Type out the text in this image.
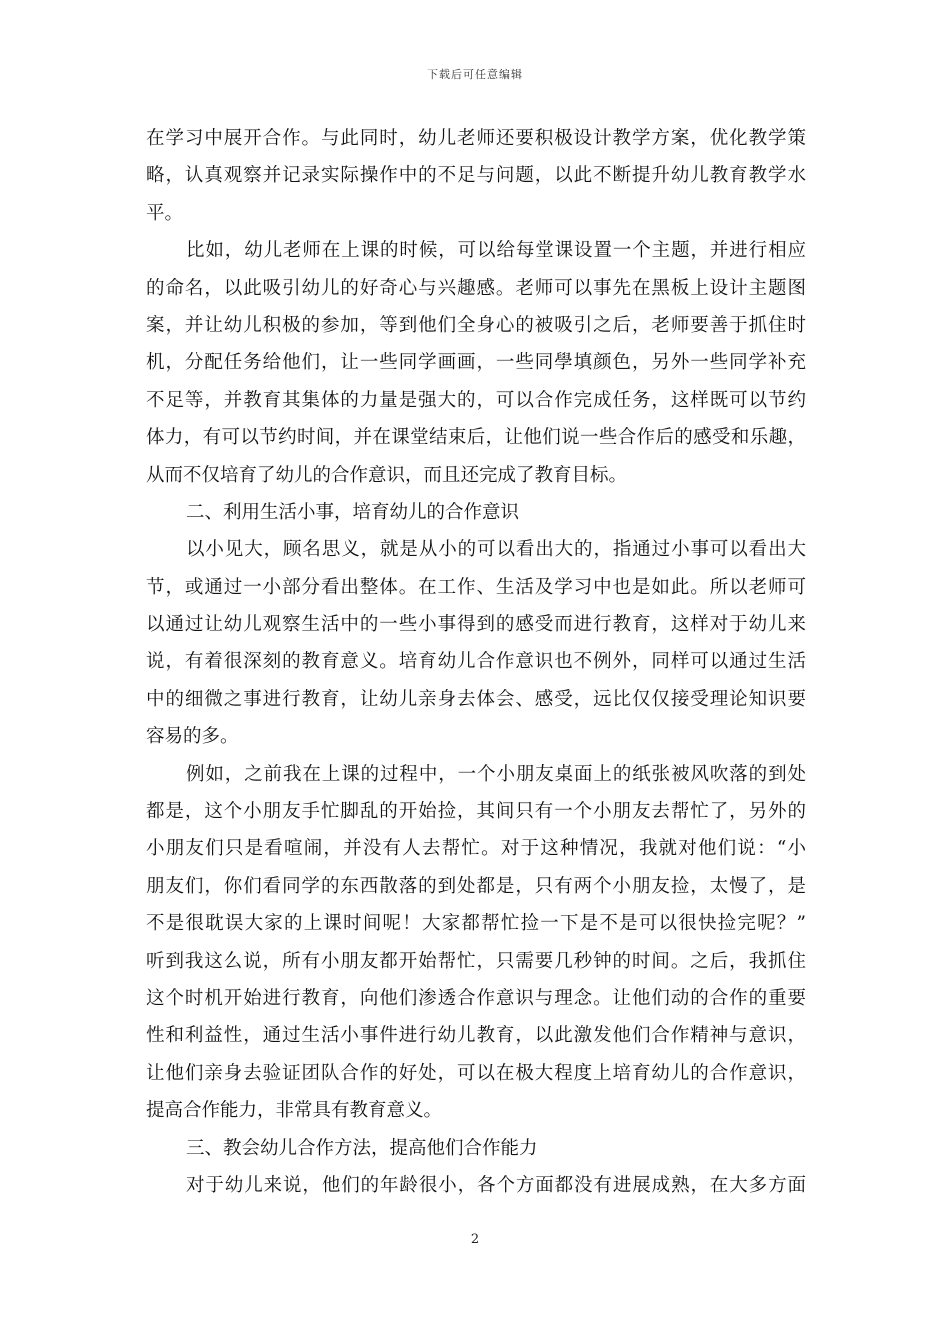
下载后可任意编辑
在学习中展开合作。与此同时，幼儿老师还要积极设计教学方案，优化教学策
略，认真观察并记录实际操作中的不足与问题，以此不断提升幼儿教育教学水
平。
比如，幼儿老师在上课的时候，可以给每堂课设置一个主题，并进行相应
的命名，以此吸引幼儿的好奇心与兴趣感。老师可以事先在黑板上设计主题图
案，并让幼儿积极的参加，等到他们全身心的被吸引之后，老师要善于抓住时
机，分配任务给他们，让一些同学画画，一些同學填颜色，另外一些同学补充
不足等，并教育其集体的力量是强大的，可以合作完成任务，这样既可以节约
体力，有可以节约时间，并在课堂结束后，让他们说一些合作后的感受和乐趣，
从而不仅培育了幼儿的合作意识，而且还完成了教育目标。
二、利用生活小事，培育幼儿的合作意识
以小见大，顾名思义，就是从小的可以看出大的，指通过小事可以看出大
节，或通过一小部分看出整体。在工作、生活及学习中也是如此。所以老师可
以通过让幼儿观察生活中的一些小事得到的感受而进行教育，这样对于幼儿来
说，有着很深刻的教育意义。培育幼儿合作意识也不例外，同样可以通过生活
中的细微之事进行教育，让幼儿亲身去体会、感受，远比仅仅接受理论知识要
容易的多。
例如，之前我在上课的过程中，一个小朋友桌面上的纸张被风吹落的到处
都是，这个小朋友手忙脚乱的开始捡，其间只有一个小朋友去帮忙了，另外的
小朋友们只是看喧闹，并没有人去帮忙。对于这种情况，我就对他们说：“小
朋友们，你们看同学的东西散落的到处都是，只有两个小朋友捡，太慢了，是
不是很耽误大家的上课时间呢！大家都帮忙捡一下是不是可以很快捡完呢？”
听到我这么说，所有小朋友都开始帮忙，只需要几秒钟的时间。之后，我抓住
这个时机开始进行教育，向他们渗透合作意识与理念。让他们动的合作的重要
性和利益性，通过生活小事件进行幼儿教育，以此激发他们合作精神与意识，
让他们亲身去验证团队合作的好处，可以在极大程度上培育幼儿的合作意识，
提高合作能力，非常具有教育意义。
三、教会幼儿合作方法，提高他们合作能力
对于幼儿来说，他们的年龄很小，各个方面都没有进展成熟，在大多方面
2
